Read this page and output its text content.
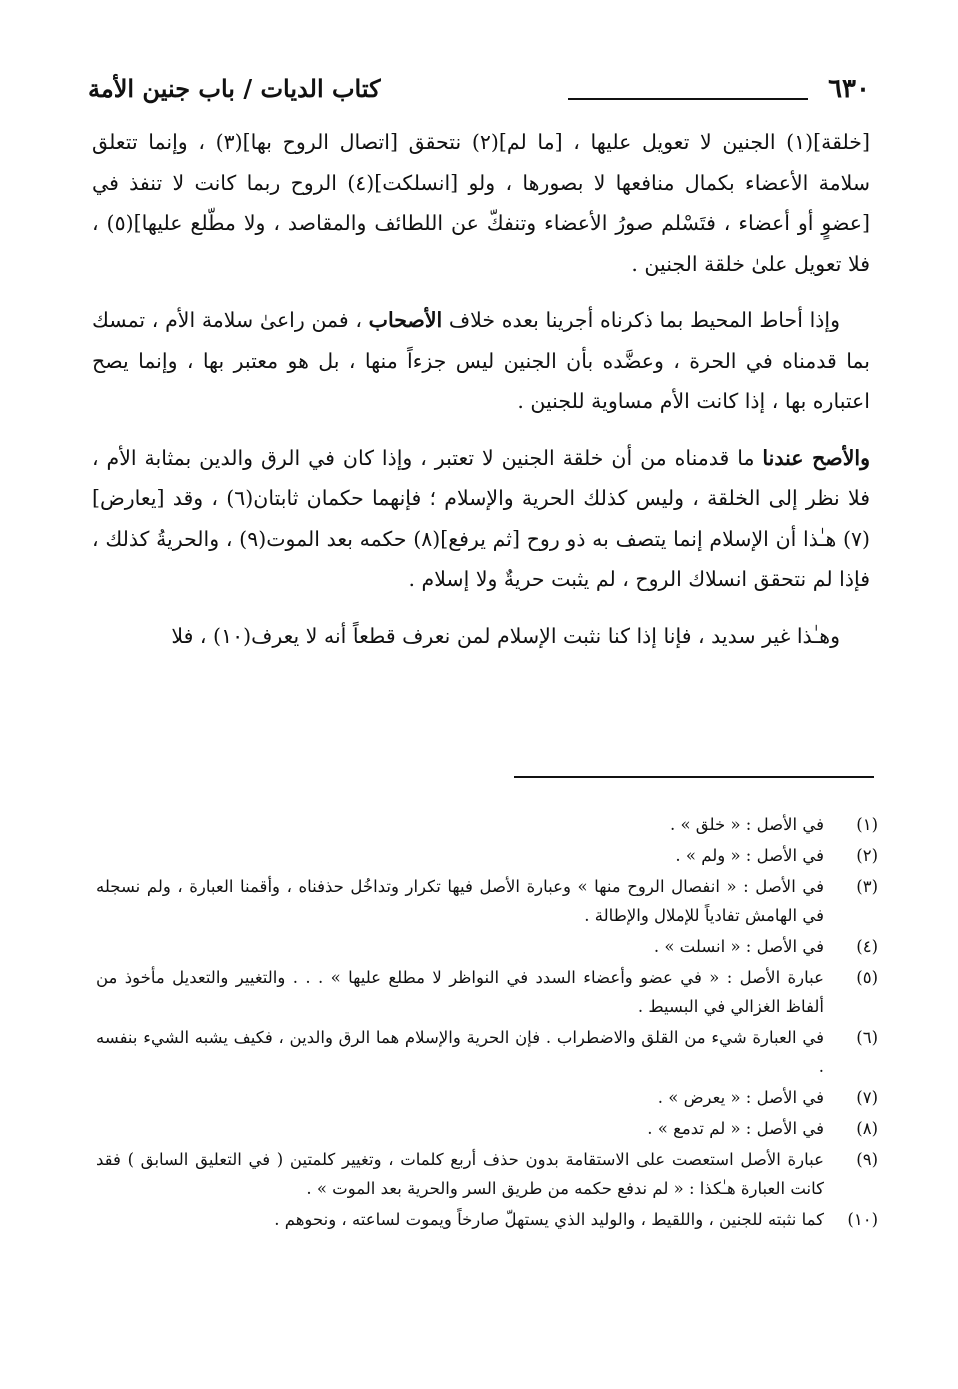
٦٣٠
كتاب الديات / باب جنين الأمة

[خلقة](١) الجنين لا تعويل عليها ، [ما لم](٢) نتحقق [اتصال الروح بها](٣) ، وإنما تتعلق سلامة الأعضاء بكمال منافعها لا بصورها ، ولو [انسلكت](٤) الروح ربما كانت لا تنفذ في [عضوٍ أو أعضاء ، فتَسْلم صورُ الأعضاء وتنفكّ عن اللطائف والمقاصد ، ولا مطّلع عليها](٥) ، فلا تعويل علىٰ خلقة الجنين .

وإذا أحاط المحيط بما ذكرناه أجرينا بعده خلاف الأصحاب ، فمن راعىٰ سلامة الأم ، تمسك بما قدمناه في الحرة ، وعضَّده بأن الجنين ليس جزءاً منها ، بل هو معتبر بها ، وإنما يصح اعتباره بها ، إذا كانت الأم مساوية للجنين .

والأصح عندنا ما قدمناه من أن خلقة الجنين لا تعتبر ، وإذا كان في الرق والدين بمثابة الأم ، فلا نظر إلى الخلقة ، وليس كذلك الحرية والإسلام ؛ فإنهما حكمان ثابتان(٦) ، وقد [يعارض](٧) هـٰذا أن الإسلام إنما يتصف به ذو روح [ثم يرفع](٨) حكمه بعد الموت(٩) ، والحريةُ كذلك ، فإذا لم نتحقق انسلاك الروح ، لم يثبت حريةٌ ولا إسلام .

وهـٰذا غير سديد ، فإنا إذا كنا نثبت الإسلام لمن نعرف قطعاً أنه لا يعرف(١٠) ، فلا

(١)
في الأصل : « خلق » .
(٢)
في الأصل : « ولم » .
(٣)
في الأصل : « انفصال الروح منها » وعبارة الأصل فيها تكرار وتداخُل حذفناه ، وأقمنا العبارة ، ولم نسجله في الهامش تفادياً للإملال والإطالة .
(٤)
في الأصل : « انسلت » .
(٥)
عبارة الأصل : « في عضو وأعضاء السدد في النواظر لا مطلع عليها » . . . والتغيير والتعديل مأخوذ من ألفاظ الغزالي في البسيط .
(٦)
في العبارة شيء من القلق والاضطراب . فإن الحرية والإسلام هما الرق والدين ، فكيف يشبه الشيء بنفسه .
(٧)
في الأصل : « يعرض » .
(٨)
في الأصل : « لم تدمع » .
(٩)
عبارة الأصل استعصت على الاستقامة بدون حذف أربع كلمات ، وتغيير كلمتين ( في التعليق السابق ) فقد كانت العبارة هـٰكذا : « لم ندفع حكمه من طريق السر والحرية بعد الموت » .
(١٠)
كما نثبته للجنين ، واللقيط ، والوليد الذي يستهلّ صارخاً ويموت لساعته ، ونحوهم .
